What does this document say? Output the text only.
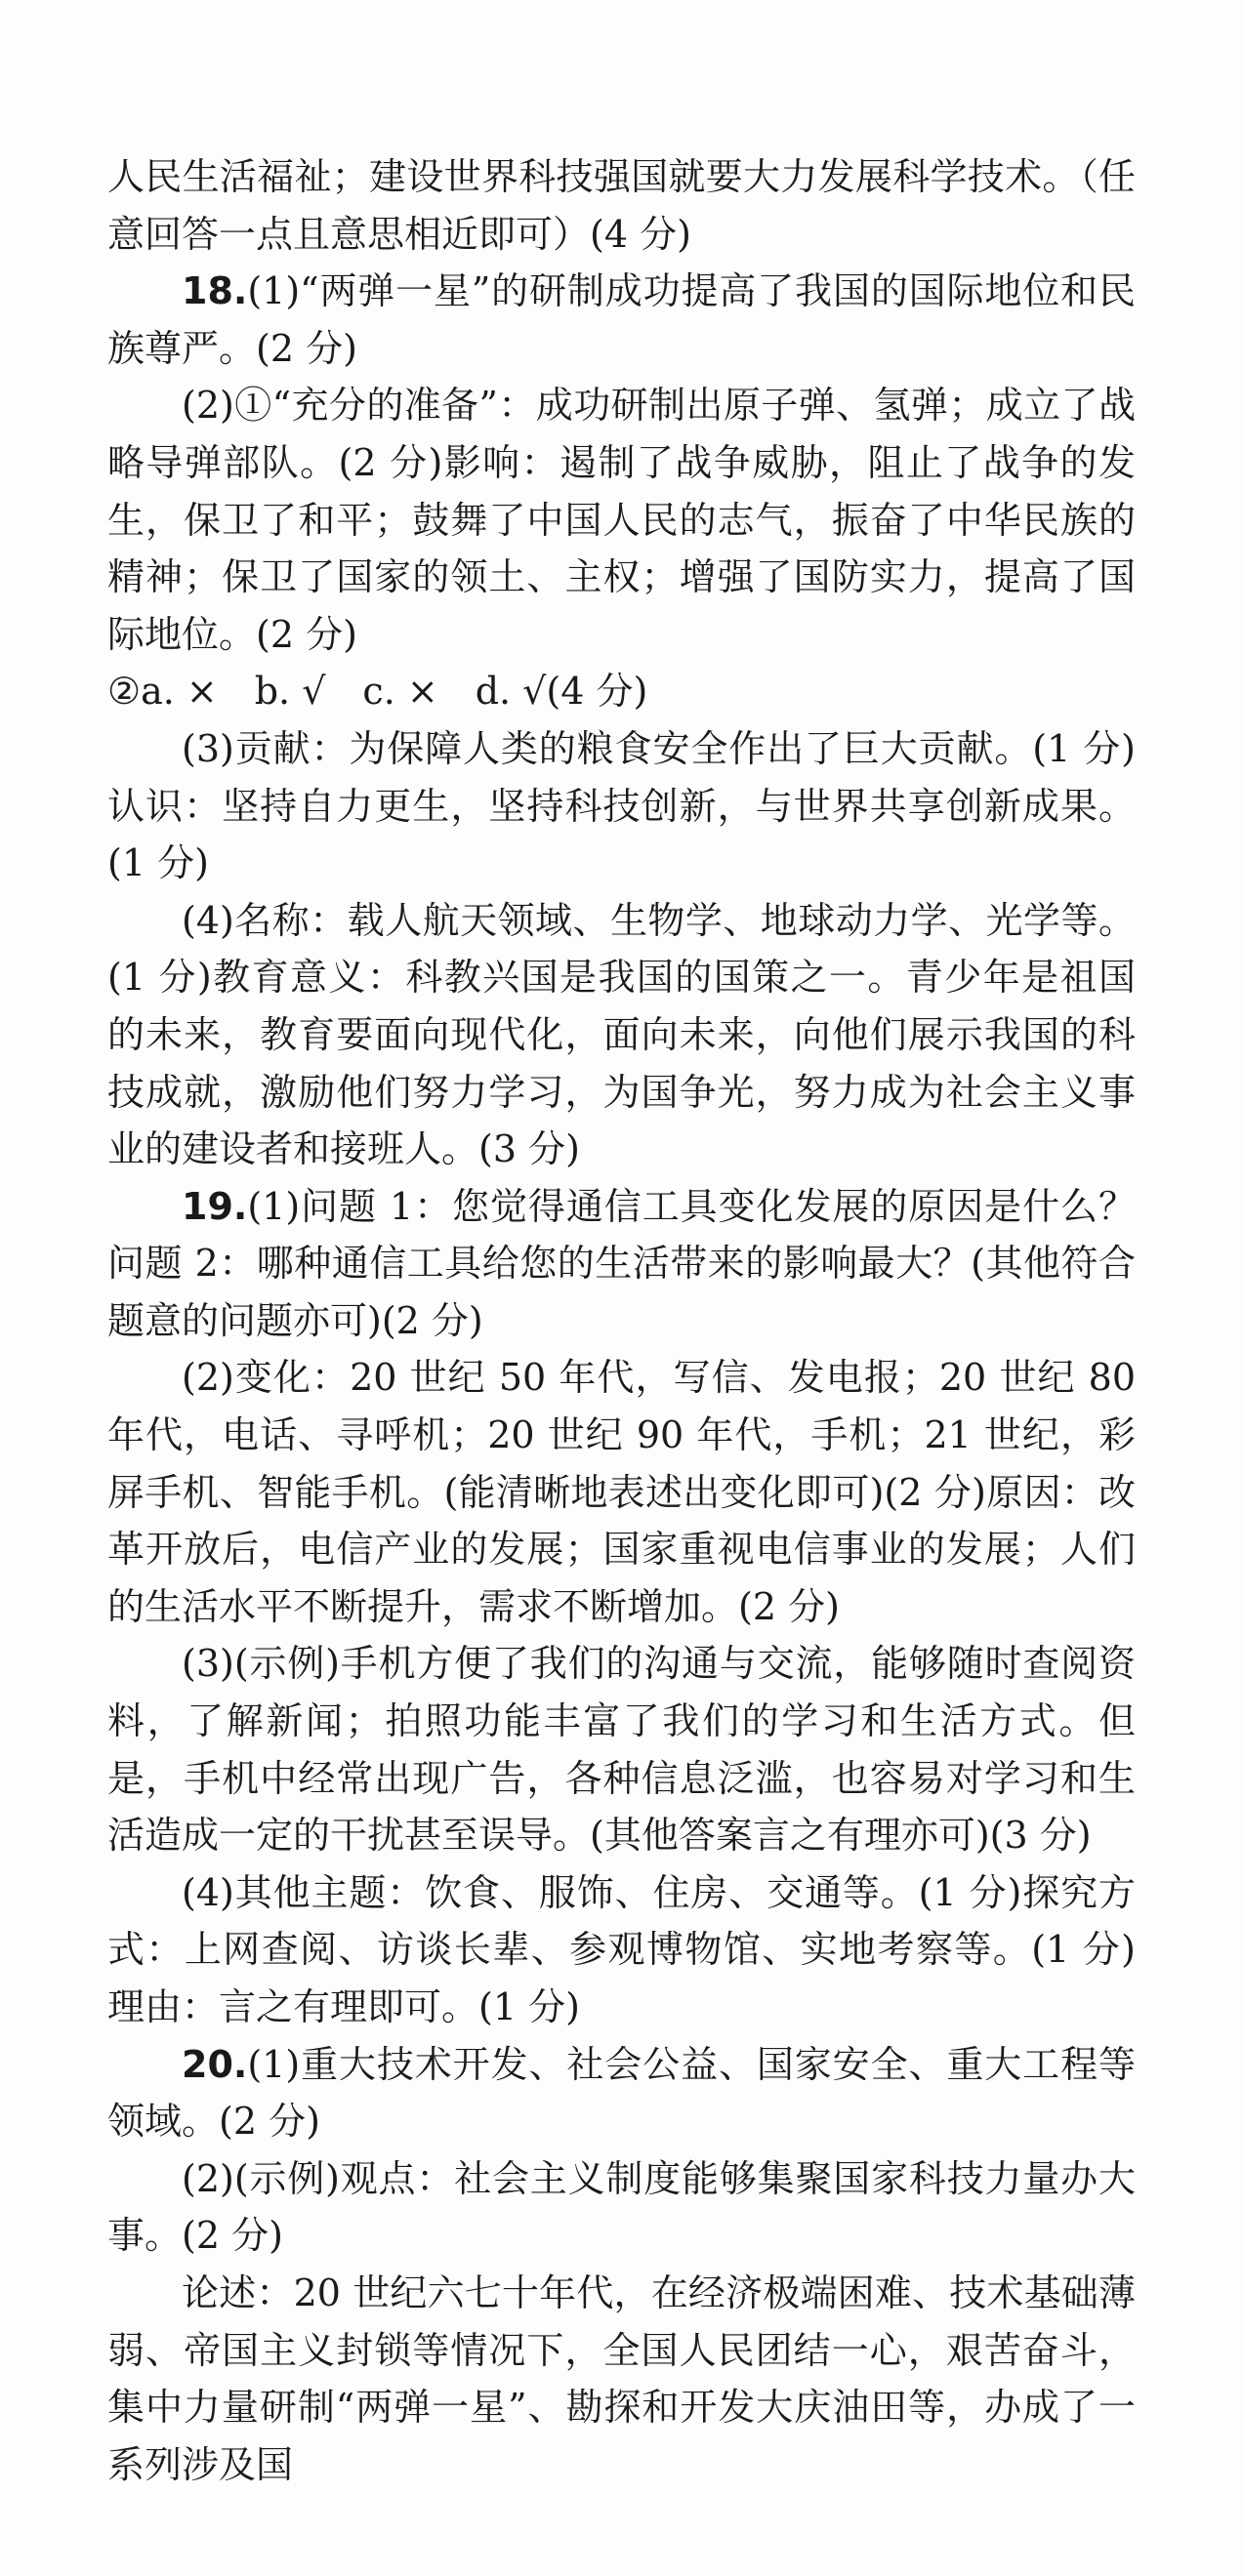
人民生活福祉；建设世界科技强国就要大力发展科学技术。（任意回答一点且意思相近即可）(4 分)

18.(1)“两弹一星”的研制成功提高了我国的国际地位和民族尊严。(2 分)

(2)①“充分的准备”：成功研制出原子弹、氢弹；成立了战略导弹部队。(2 分)影响：遏制了战争威胁，阻止了战争的发生，保卫了和平；鼓舞了中国人民的志气，振奋了中华民族的精神；保卫了国家的领土、主权；增强了国防实力，提高了国际地位。(2 分)

②a. ×　b. √　c. ×　d. √(4 分)

(3)贡献：为保障人类的粮食安全作出了巨大贡献。(1 分)认识：坚持自力更生，坚持科技创新，与世界共享创新成果。(1 分)

(4)名称：载人航天领域、生物学、地球动力学、光学等。(1 分)教育意义：科教兴国是我国的国策之一。青少年是祖国的未来，教育要面向现代化，面向未来，向他们展示我国的科技成就，激励他们努力学习，为国争光，努力成为社会主义事业的建设者和接班人。(3 分)

19.(1)问题 1：您觉得通信工具变化发展的原因是什么？问题 2：哪种通信工具给您的生活带来的影响最大？(其他符合题意的问题亦可)(2 分)

(2)变化：20 世纪 50 年代，写信、发电报；20 世纪 80 年代，电话、寻呼机；20 世纪 90 年代，手机；21 世纪，彩屏手机、智能手机。(能清晰地表述出变化即可)(2 分)原因：改革开放后，电信产业的发展；国家重视电信事业的发展；人们的生活水平不断提升，需求不断增加。(2 分)

(3)(示例)手机方便了我们的沟通与交流，能够随时查阅资料，了解新闻；拍照功能丰富了我们的学习和生活方式。但是，手机中经常出现广告，各种信息泛滥，也容易对学习和生活造成一定的干扰甚至误导。(其他答案言之有理亦可)(3 分)

(4)其他主题：饮食、服饰、住房、交通等。(1 分)探究方式：上网查阅、访谈长辈、参观博物馆、实地考察等。(1 分)理由：言之有理即可。(1 分)

20.(1)重大技术开发、社会公益、国家安全、重大工程等领域。(2 分)

(2)(示例)观点：社会主义制度能够集聚国家科技力量办大事。(2 分)

论述：20 世纪六七十年代，在经济极端困难、技术基础薄弱、帝国主义封锁等情况下，全国人民团结一心，艰苦奋斗，集中力量研制“两弹一星”、勘探和开发大庆油田等，办成了一系列涉及国
